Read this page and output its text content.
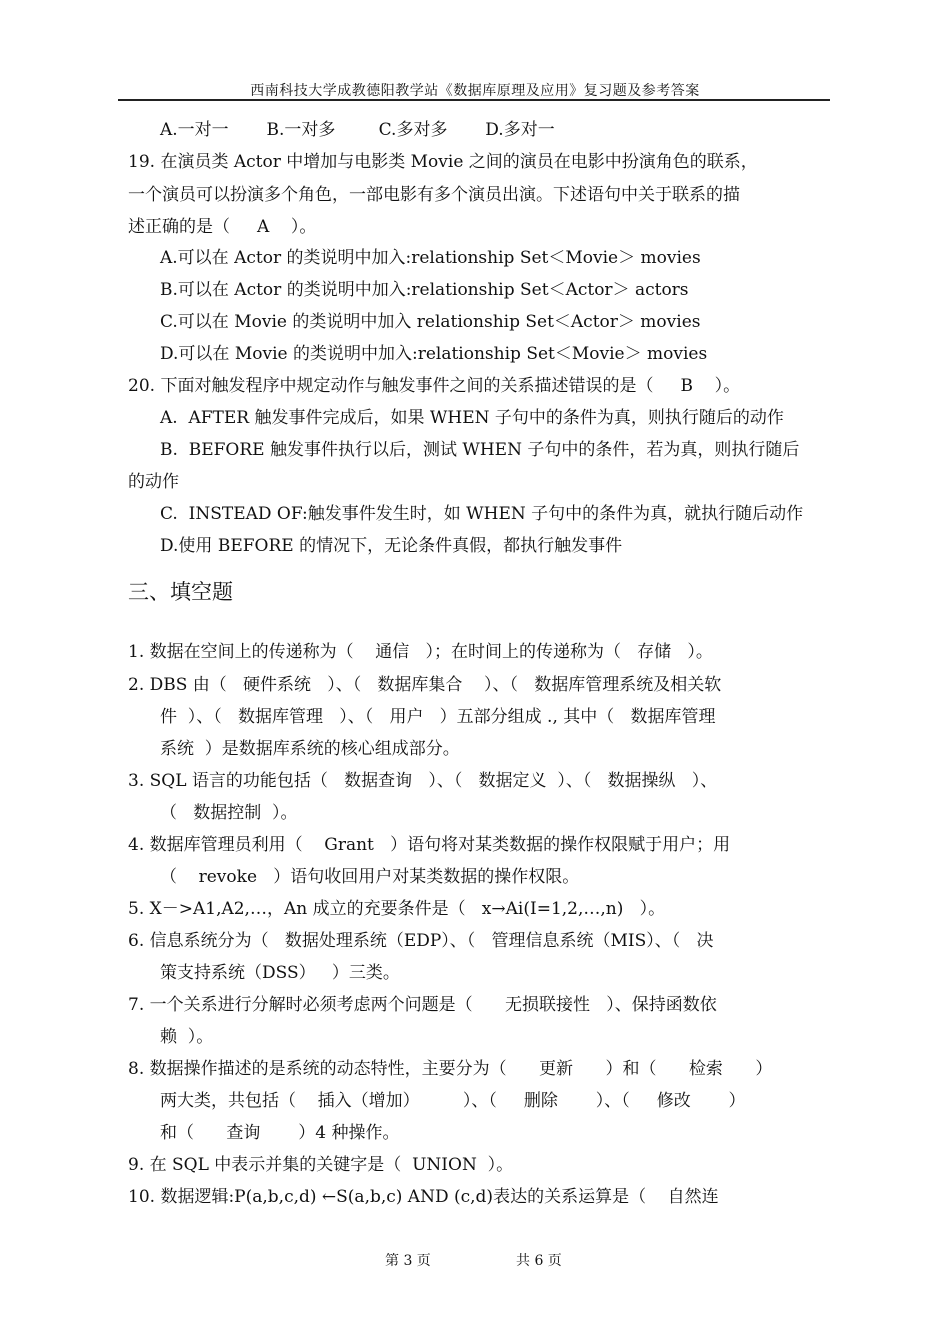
西南科技大学成教德阳教学站《数据库原理及应用》复习题及参考答案
A.一对一       B.一对多        C.多对多       D.多对一
19. 在演员类 Actor 中增加与电影类 Movie 之间的演员在电影中扮演角色的联系，
一个演员可以扮演多个角色，一部电影有多个演员出演。下述语句中关于联系的描
述正确的是（     A    ）。
A.可以在 Actor 的类说明中加入:relationship Set＜Movie＞ movies
B.可以在 Actor 的类说明中加入:relationship Set＜Actor＞ actors
C.可以在 Movie 的类说明中加入 relationship Set＜Actor＞ movies
D.可以在 Movie 的类说明中加入:relationship Set＜Movie＞ movies
20. 下面对触发程序中规定动作与触发事件之间的关系描述错误的是（     B    ）。
A.  AFTER 触发事件完成后，如果 WHEN 子句中的条件为真，则执行随后的动作
B.  BEFORE 触发事件执行以后，测试 WHEN 子句中的条件，若为真，则执行随后
的动作
C.  INSTEAD OF:触发事件发生时，如 WHEN 子句中的条件为真，就执行随后动作
D.使用 BEFORE 的情况下，无论条件真假，都执行触发事件
三、填空题
1. 数据在空间上的传递称为（    通信   ）；在时间上的传递称为（   存储   ）。
2. DBS 由（   硬件系统   ）、（   数据库集合    ）、（   数据库管理系统及相关软
件  ）、（   数据库管理   ）、（   用户   ）五部分组成 ., 其中（   数据库管理
系统  ）是数据库系统的核心组成部分。
3. SQL 语言的功能包括（   数据查询   ）、（   数据定义  ）、（   数据操纵   ）、
（   数据控制  ）。
4. 数据库管理员利用（    Grant   ）语句将对某类数据的操作权限赋于用户；用
（    revoke   ）语句收回用户对某类数据的操作权限。
5. X－>A1,A2,…，An 成立的充要条件是（   x→Ai(I=1,2,…,n)   ）。
6. 信息系统分为（   数据处理系统（EDP）、（   管理信息系统（MIS）、（   决
策支持系统（DSS）   ）三类。
7. 一个关系进行分解时必须考虑两个问题是（      无损联接性   ）、保持函数依
赖  ）。
8. 数据操作描述的是系统的动态特性，主要分为（      更新      ）和（      检索      ）
两大类，共包括（    插入（增加）        ）、（     删除       ）、（     修改       ）
和（      查询       ）4 种操作。
9. 在 SQL 中表示并集的关键字是（  UNION  ）。
10. 数据逻辑:P(a,b,c,d) ←S(a,b,c) AND (c,d)表达的关系运算是（    自然连
第 3 页	共 6 页
